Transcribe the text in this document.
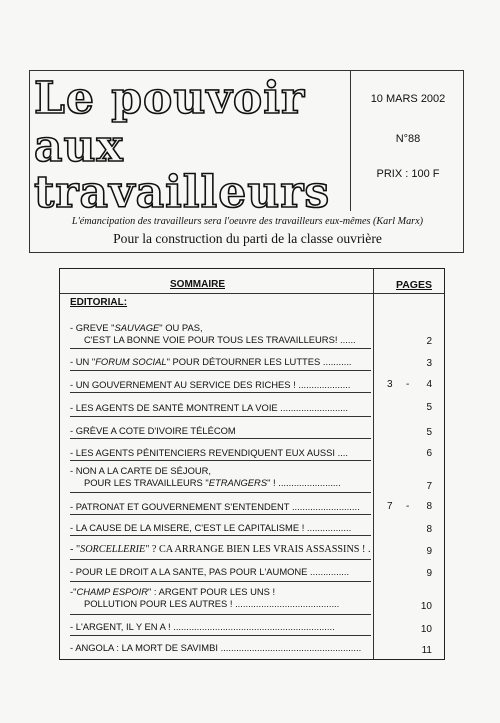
Le pouvoir
aux
travailleurs
10 MARS 2002
N°88
PRIX : 100 F
L'émancipation des travailleurs sera l'oeuvre des travailleurs eux-mêmes (Karl Marx)
Pour la construction du parti de la classe ouvrière
SOMMAIRE	PAGES
EDITORIAL:
- GREVE "SAUVAGE" OU PAS,
C'EST LA BONNE VOIE POUR TOUS LES TRAVAILLEURS! ......	2
- UN "FORUM SOCIAL" POUR DÉTOURNER LES LUTTES ...........	3
- UN GOUVERNEMENT AU SERVICE DES RICHES ! ....................	3 -	4
- LES AGENTS DE SANTÉ MONTRENT LA VOIE ..........................	5
- GRÈVE A COTE D'IVOIRE TÉLÉCOM	5
- LES AGENTS PÉNITENCIERS REVENDIQUENT EUX AUSSI ....	6
- NON A LA CARTE DE SÉJOUR,
POUR LES TRAVAILLEURS "ETRANGERS" ! ........................	7
- PATRONAT ET GOUVERNEMENT S'ENTENDENT ..........................	7 -	8
- LA CAUSE DE LA MISERE, C'EST LE CAPITALISME ! .................	8
- "SORCELLERIE" ? CA ARRANGE BIEN LES VRAIS ASSASSINS ! .	9
- POUR LE DROIT A LA SANTE, PAS POUR L'AUMONE ...............	9
-"CHAMP ESPOIR" : ARGENT POUR LES UNS !
POLLUTION POUR LES AUTRES ! ........................................	10
- L'ARGENT, IL Y EN A ! ..............................................................	10
- ANGOLA : LA MORT DE SAVIMBI ......................................................	11
